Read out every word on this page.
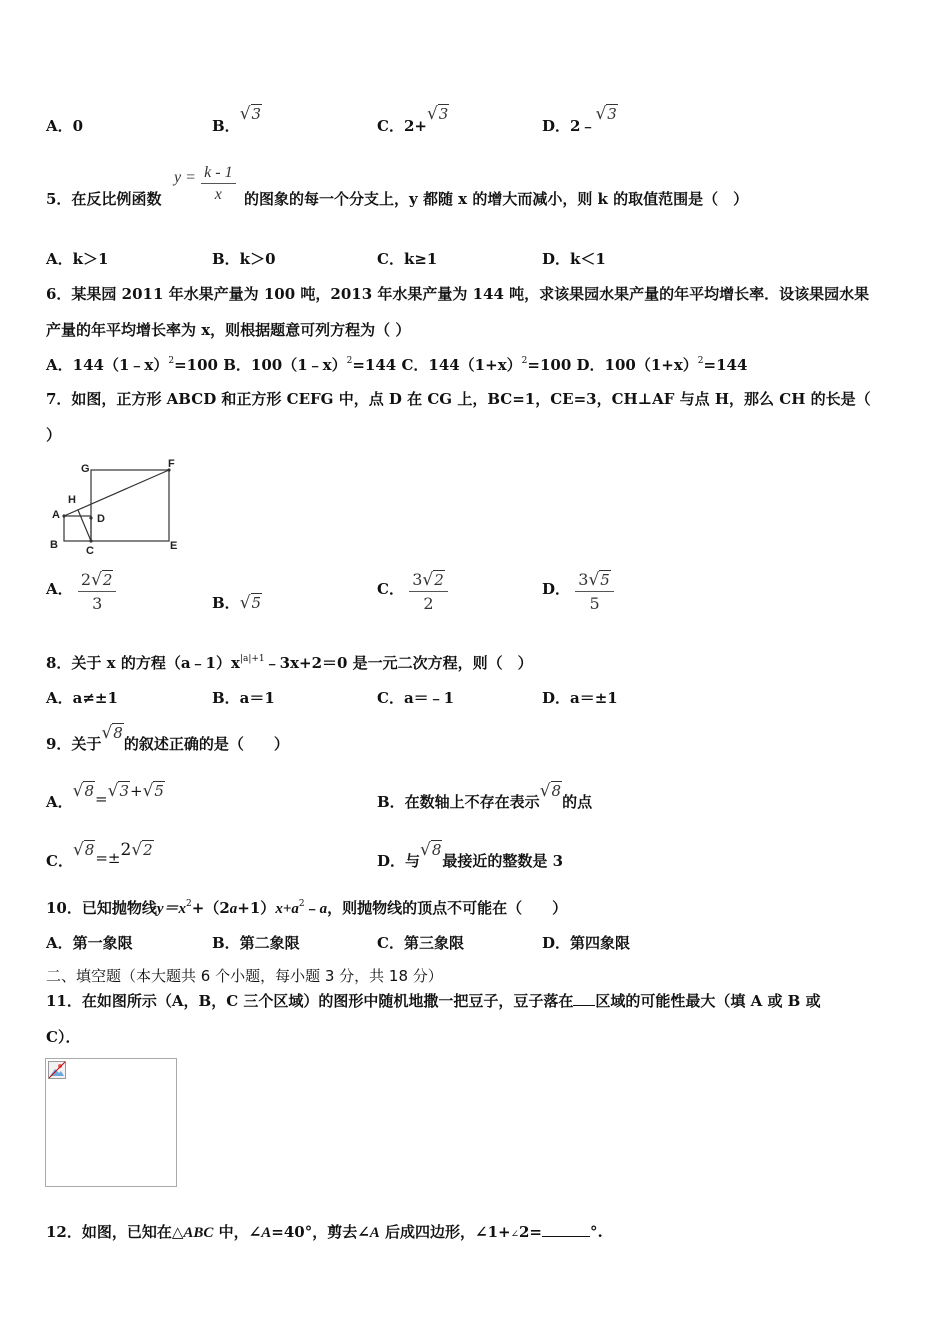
A．0	B．√3
C．2+√3
D．2﹣√3
5．在反比例函数
$y = \frac{k - 1}{x}$ 的图象的每一个分支上，y 都随 x 的增大而减小，则 k 的取值范围是（　）
A．k＞1	B．k＞0	C．k≥1	D．k＜1
6．某果园 2011 年水果产量为 100 吨，2013 年水果产量为 144 吨，求该果园水果产量的年平均增长率．设该果园水果
产量的年平均增长率为 x，则根据题意可列方程为（ ）
A．144（1﹣x）$^2$=100 B．100（1﹣x）$^2$=144 C．$144(1+x)^2=100$ D．$100(1+x)^2=144$
7．如图，正方形 ABCD 和正方形 CEFG 中，点 D 在 CG 上，BC=1，CE=3，CH⊥AF 与点 H，那么 CH 的长是（
）
G	F
H
A	D
B	C	E
A． $\frac{2√2}{3}$	B．√5
C． $\frac{3√2}{2}$	D． $\frac{3√5}{5}$
8．关于 x 的方程$(a﹣1)x^{|a|+1}﹣3x+2=0$ 是一元二次方程，则（　）
A．a≠±1	B．a＝1	C．a＝﹣1	D．a＝±1
9．关于√8的叙述正确的是（　　）
A．√8=√3+√5
B．在数轴上不存在表示√8的点
C．√8=±2√2
D．与√8最接近的整数是 3
10．已知抛物线$y=x^2+(2a+1)x+a^2﹣a$，则抛物线的顶点不可能在（　　）
A．第一象限	B．第二象限	C．第三象限	D．第四象限
二、填空题（本大题共 6 个小题，每小题 3 分，共 18 分）
11．在如图所示（A，B，C 三个区域）的图形中随机地撒一把豆子，豆子落在 区域的可能性最大（填 A 或 B 或
C）．
12．如图，已知在△ABC 中，∠A=40°，剪去∠A 后成四边形，∠1+∠2=	°.
